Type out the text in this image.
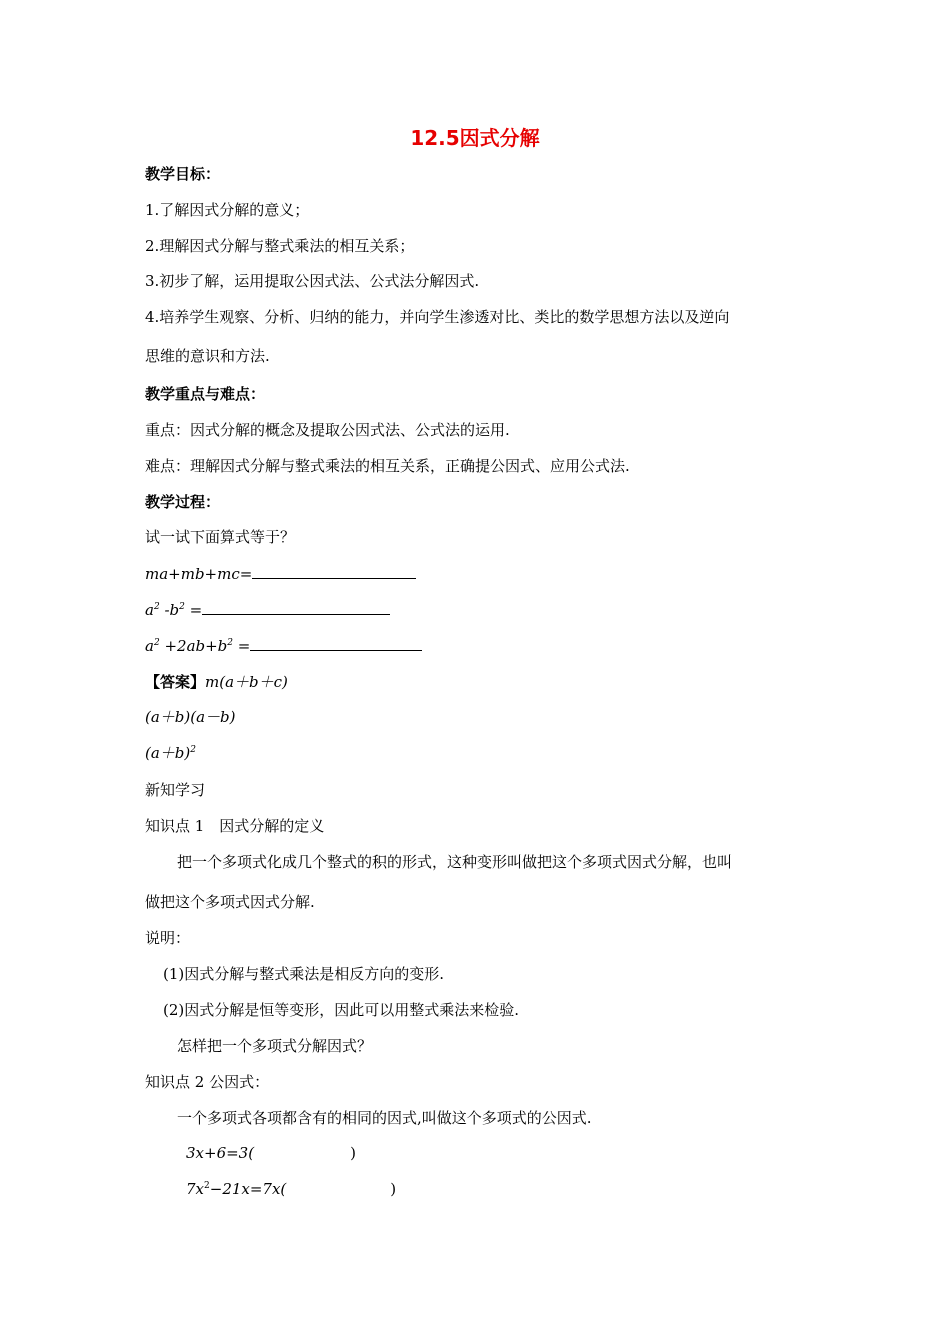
12.5因式分解
教学目标：
1.了解因式分解的意义；
2.理解因式分解与整式乘法的相互关系；
3.初步了解，运用提取公因式法、公式法分解因式.
4.培养学生观察、分析、归纳的能力，并向学生渗透对比、类比的数学思想方法以及逆向
思维的意识和方法.
教学重点与难点：
重点：因式分解的概念及提取公因式法、公式法的运用.
难点：理解因式分解与整式乘法的相互关系，正确提公因式、应用公式法.
教学过程：
试一试下面算式等于？
ma+mb+mc=
$a^2$ $-b^2$ =
$a^2 +2ab+b^2$ =
【答案】m(a＋b＋c)
(a＋b)(a－b)
$(a+b)^2$
新知学习
知识点 1　因式分解的定义
把一个多项式化成几个整式的积的形式，这种变形叫做把这个多项式因式分解，也叫
做把这个多项式因式分解.
说明：
(1)因式分解与整式乘法是相反方向的变形.
(2)因式分解是恒等变形，因此可以用整式乘法来检验.
怎样把一个多项式分解因式？
知识点 2 公因式：
一个多项式各项都含有的相同的因式,叫做这个多项式的公因式.
3x+6=3(	)
$7x^2-21x=7x$(	)
